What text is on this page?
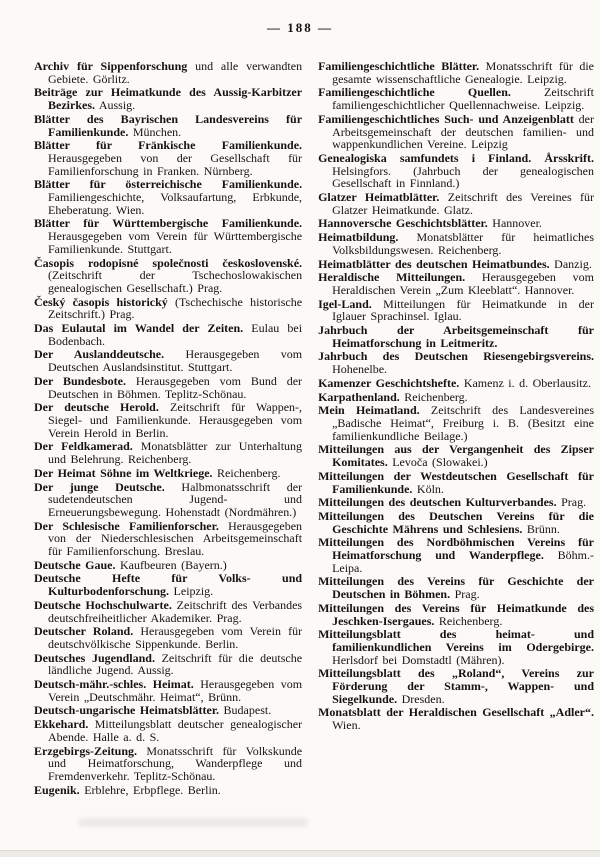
— 188 —

Archiv für Sippenforschung und alle verwandten Gebiete. Görlitz.

Beiträge zur Heimatkunde des Aussig-Karbitzer Bezirkes. Aussig.

Blätter des Bayrischen Landesvereins für Familienkunde. München.

Blätter für Fränkische Familienkunde. Herausgegeben von der Gesellschaft für Familienforschung in Franken. Nürnberg.

Blätter für österreichische Familienkunde. Familiengeschichte, Volksaufartung, Erbkunde, Eheberatung. Wien.

Blätter für Württembergische Familienkunde. Herausgegeben vom Verein für Württembergische Familienkunde. Stuttgart.

Časopis rodopisné společnosti československé. (Zeitschrift der Tschechoslowakischen genealogischen Gesellschaft.) Prag.

Český časopis historický (Tschechische historische Zeitschrift.) Prag.

Das Eulautal im Wandel der Zeiten. Eulau bei Bodenbach.

Der Auslanddeutsche. Herausgegeben vom Deutschen Auslandsinstitut. Stuttgart.

Der Bundesbote. Herausgegeben vom Bund der Deutschen in Böhmen. Teplitz-Schönau.

Der deutsche Herold. Zeitschrift für Wappen-, Siegel- und Familienkunde. Herausgegeben vom Verein Herold in Berlin.

Der Feldkamerad. Monatsblätter zur Unterhaltung und Belehrung. Reichenberg.

Der Heimat Söhne im Weltkriege. Reichenberg.

Der junge Deutsche. Halbmonatsschrift der sudetendeutschen Jugend- und Erneuerungsbewegung. Hohenstadt (Nordmähren.)

Der Schlesische Familienforscher. Herausgegeben von der Niederschlesischen Arbeitsgemeinschaft für Familienforschung. Breslau.

Deutsche Gaue. Kaufbeuren (Bayern.)

Deutsche Hefte für Volks- und Kulturbodenforschung. Leipzig.

Deutsche Hochschulwarte. Zeitschrift des Verbandes deutschfreiheitlicher Akademiker. Prag.

Deutscher Roland. Herausgegeben vom Verein für deutschvölkische Sippenkunde. Berlin.

Deutsches Jugendland. Zeitschrift für die deutsche ländliche Jugend. Aussig.

Deutsch-mähr.-schles. Heimat. Herausgegeben vom Verein „Deutschmähr. Heimat“, Brünn.

Deutsch-ungarische Heimatsblätter. Budapest.

Ekkehard. Mitteilungsblatt deutscher genealogischer Abende. Halle a. d. S.

Erzgebirgs-Zeitung. Monatsschrift für Volkskunde und Heimatforschung, Wanderpflege und Fremdenverkehr. Teplitz-Schönau.

Eugenik. Erblehre, Erbpflege. Berlin.

Familiengeschichtliche Blätter. Monatsschrift für die gesamte wissenschaftliche Genealogie. Leipzig.

Familiengeschichtliche Quellen. Zeitschrift familiengeschichtlicher Quellennachweise. Leipzig.

Familiengeschichtliches Such- und Anzeigenblatt der Arbeitsgemeinschaft der deutschen familien- und wappenkundlichen Vereine. Leipzig

Genealogiska samfundets i Finland. Årsskrift. Helsingfors. (Jahrbuch der genealogischen Gesellschaft in Finnland.)

Glatzer Heimatblätter. Zeitschrift des Vereines für Glatzer Heimatkunde. Glatz.

Hannoversche Geschichtsblätter. Hannover.

Heimatbildung. Monatsblätter für heimatliches Volksbildungswesen. Reichenberg.

Heimatblätter des deutschen Heimatbundes. Danzig.

Heraldische Mitteilungen. Herausgegeben vom Heraldischen Verein „Zum Kleeblatt“. Hannover.

Igel-Land. Mitteilungen für Heimatkunde in der Iglauer Sprachinsel. Iglau.

Jahrbuch der Arbeitsgemeinschaft für Heimatforschung in Leitmeritz.

Jahrbuch des Deutschen Riesengebirgsvereins. Hohenelbe.

Kamenzer Geschichtshefte. Kamenz i. d. Oberlausitz.

Karpathenland. Reichenberg.

Mein Heimatland. Zeitschrift des Landesvereines „Badische Heimat“, Freiburg i. B. (Besitzt eine familienkundliche Beilage.)

Mitteilungen aus der Vergangenheit des Zipser Komitates. Levoča (Slowakei.)

Mitteilungen der Westdeutschen Gesellschaft für Familienkunde. Köln.

Mitteilungen des deutschen Kulturverbandes. Prag.

Mitteilungen des Deutschen Vereins für die Geschichte Mährens und Schlesiens. Brünn.

Mitteilungen des Nordböhmischen Vereins für Heimatforschung und Wanderpflege. Böhm.-Leipa.

Mitteilungen des Vereins für Geschichte der Deutschen in Böhmen. Prag.

Mitteilungen des Vereins für Heimatkunde des Jeschken-Isergaues. Reichenberg.

Mitteilungsblatt des heimat- und familienkundlichen Vereins im Odergebirge. Herlsdorf bei Domstadtl (Mähren).

Mitteilungsblatt des „Roland“, Vereins zur Förderung der Stamm-, Wappen- und Siegelkunde. Dresden.

Monatsblatt der Heraldischen Gesellschaft „Adler“. Wien.
